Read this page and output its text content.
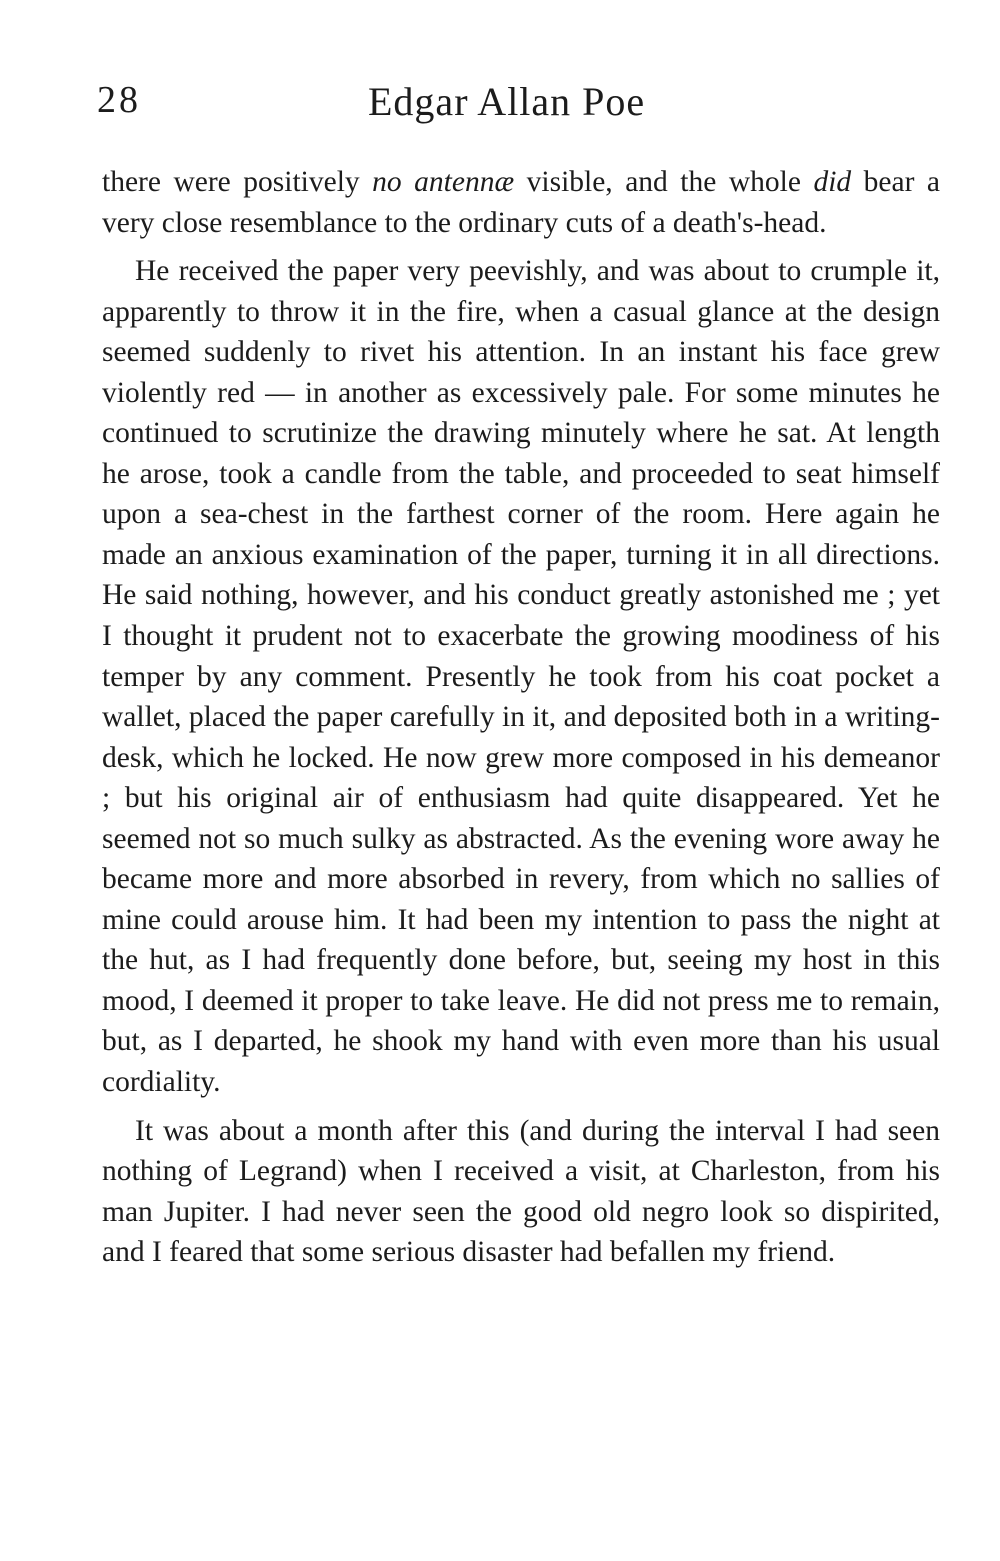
28	Edgar Allan Poe

there were positively no antennæ visible, and the whole did bear a very close resemblance to the ordinary cuts of a death's-head.

He received the paper very peevishly, and was about to crumple it, apparently to throw it in the fire, when a casual glance at the design seemed suddenly to rivet his attention. In an instant his face grew violently red — in another as excessively pale. For some minutes he continued to scrutinize the drawing minutely where he sat. At length he arose, took a candle from the table, and proceeded to seat himself upon a sea-chest in the farthest corner of the room. Here again he made an anxious examination of the paper, turning it in all directions. He said nothing, however, and his conduct greatly astonished me ; yet I thought it prudent not to exacerbate the growing moodiness of his temper by any comment. Presently he took from his coat pocket a wallet, placed the paper carefully in it, and deposited both in a writing-desk, which he locked. He now grew more composed in his demeanor ; but his original air of enthusiasm had quite disappeared. Yet he seemed not so much sulky as abstracted. As the evening wore away he became more and more absorbed in revery, from which no sallies of mine could arouse him. It had been my intention to pass the night at the hut, as I had frequently done before, but, seeing my host in this mood, I deemed it proper to take leave. He did not press me to remain, but, as I departed, he shook my hand with even more than his usual cordiality.

It was about a month after this (and during the interval I had seen nothing of Legrand) when I received a visit, at Charleston, from his man Jupiter. I had never seen the good old negro look so dispirited, and I feared that some serious disaster had befallen my friend.
